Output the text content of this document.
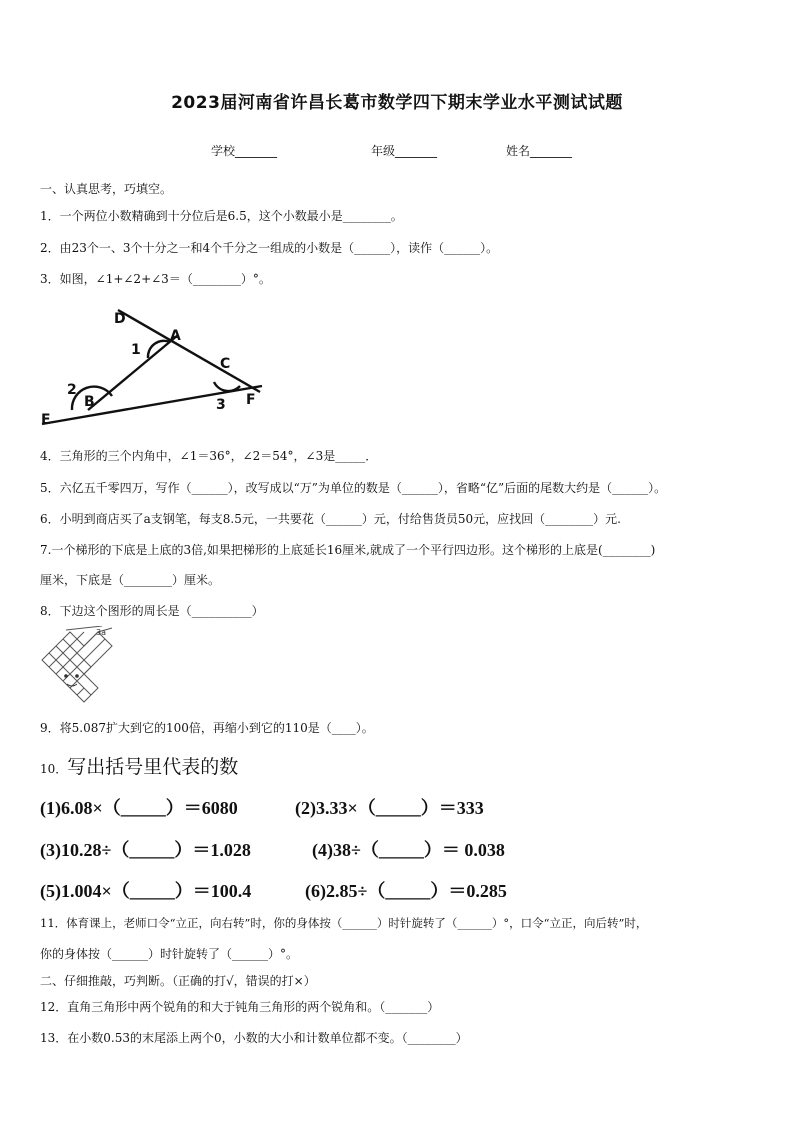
2023届河南省许昌长葛市数学四下期末学业水平测试试题
学校_______	年级_______	姓名_______
一、认真思考，巧填空。
1．一个两位小数精确到十分位后是6.5，这个小数最小是________。
2．由23个一、3个十分之一和4个千分之一组成的小数是（______），读作（______）。
3．如图，∠1+∠2+∠3＝（________）°。
D
A
C
E
F
1
2
3
B
4．三角形的三个内角中，∠1＝36°，∠2＝54°，∠3是_____．
5．六亿五千零四万，写作（______），改写成以“万”为单位的数是（______），省略“亿”后面的尾数大约是（______）。
6．小明到商店买了a支钢笔，每支8.5元，一共要花（______）元，付给售货员50元，应找回（________）元.
7.一个梯形的下底是上底的3倍,如果把梯形的上底延长16厘米,就成了一个平行四边形。这个梯形的上底是(________)
厘米，下底是（________）厘米。
8．下边这个图形的周长是（__________）
3a
9．将5.087扩大到它的100倍，再缩小到它的110是（____）。
10．写出括号里代表的数
(1)6.08×（_____）＝6080	(2)3.33×（_____）＝333
(3)10.28÷（_____）＝1.028	(4)38÷（_____）＝ 0.038
(5)1.004×（_____）＝100.4	(6)2.85÷（_____）＝0.285
11．体育课上，老师口令“立正，向右转”时，你的身体按（______）时针旋转了（______）°，口令“立正，向后转”时，
你的身体按（______）时针旋转了（______）°。
二、仔细推敲，巧判断。（正确的打√，错误的打×）
12．直角三角形中两个锐角的和大于钝角三角形的两个锐角和。（_______）
13．在小数0.53的末尾添上两个0，小数的大小和计数单位都不变。（________）
